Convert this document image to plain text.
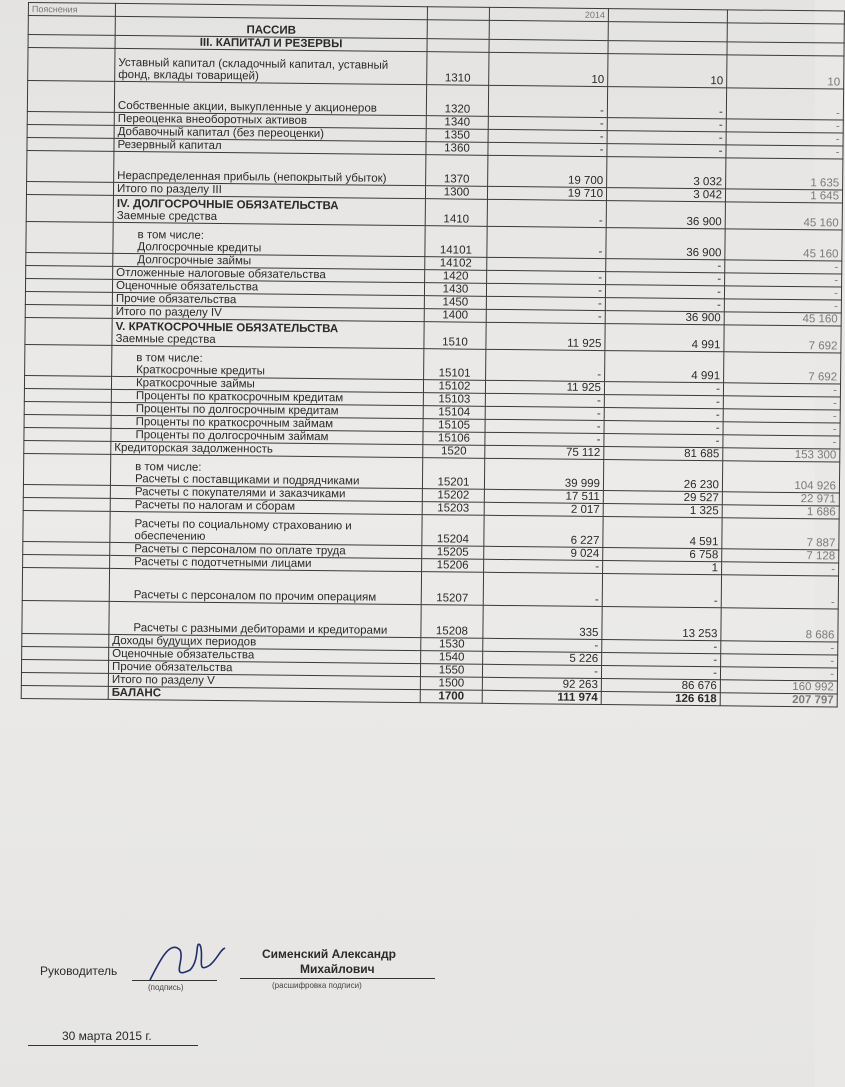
Пояснения			2014		
	ПАССИВ				

	III. КАПИТАЛ И РЕЗЕРВЫ				

	Уставный капитал (складочный капитал, уставный фонд, вклады товарищей)	1310	10	10	10

	Собственные акции, выкупленные у акционеров	1320	-	-	-

	Переоценка внеоборотных активов	1340	-	-	-

	Добавочный капитал (без переоценки)	1350	-	-	-

	Резервный капитал	1360	-	-	-

	Нераспределенная прибыль (непокрытый убыток)	1370	19 700	3 032	1 635

	Итого по разделу III	1300	19 710	3 042	1 645

	IV. ДОЛГОСРОЧНЫЕ ОБЯЗАТЕЛЬСТВА
Заемные средства	1410	-	36 900	45 160

	в том числе:
Долгосрочные кредиты	14101	-	36 900	45 160

	Долгосрочные займы	14102		-	-

	Отложенные налоговые обязательства	1420	-	-	-

	Оценочные обязательства	1430	-	-	-

	Прочие обязательства	1450	-	-	-

	Итого по разделу IV	1400	-	36 900	45 160

	V. КРАТКОСРОЧНЫЕ ОБЯЗАТЕЛЬСТВА
Заемные средства	1510	11 925	4 991	7 692

	в том числе:
Краткосрочные кредиты	15101	-	4 991	7 692

	Краткосрочные займы	15102	11 925	-	-

	Проценты по краткосрочным кредитам	15103	-	-	-

	Проценты по долгосрочным кредитам	15104	-	-	-

	Проценты по краткосрочным займам	15105	-	-	-

	Проценты по долгосрочным займам	15106	-	-	-

	Кредиторская задолженность	1520	75 112	81 685	153 300

	в том числе:
Расчеты с поставщиками и подрядчиками	15201	39 999	26 230	104 926

	Расчеты с покупателями и заказчиками	15202	17 511	29 527	22 971

	Расчеты по налогам и сборам	15203	2 017	1 325	1 686

	Расчеты по социальному страхованию и обеспечению	15204	6 227	4 591	7 887

	Расчеты с персоналом по оплате труда	15205	9 024	6 758	7 128

	Расчеты с подотчетными лицами	15206	-	1	-

	Расчеты с персоналом по прочим операциям	15207	-	-	-

	Расчеты с разными дебиторами и кредиторами	15208	335	13 253	8 686

	Доходы будущих периодов	1530	-	-	-

	Оценочные обязательства	1540	5 226	-	-

	Прочие обязательства	1550	-	-	-

	Итого по разделу V	1500	92 263	86 676	160 992

	БАЛАНС	1700	111 974	126 618	207 797
Руководитель
(подпись)
Сименский Александр
Михайлович
(расшифровка подписи)
30 марта 2015 г.
